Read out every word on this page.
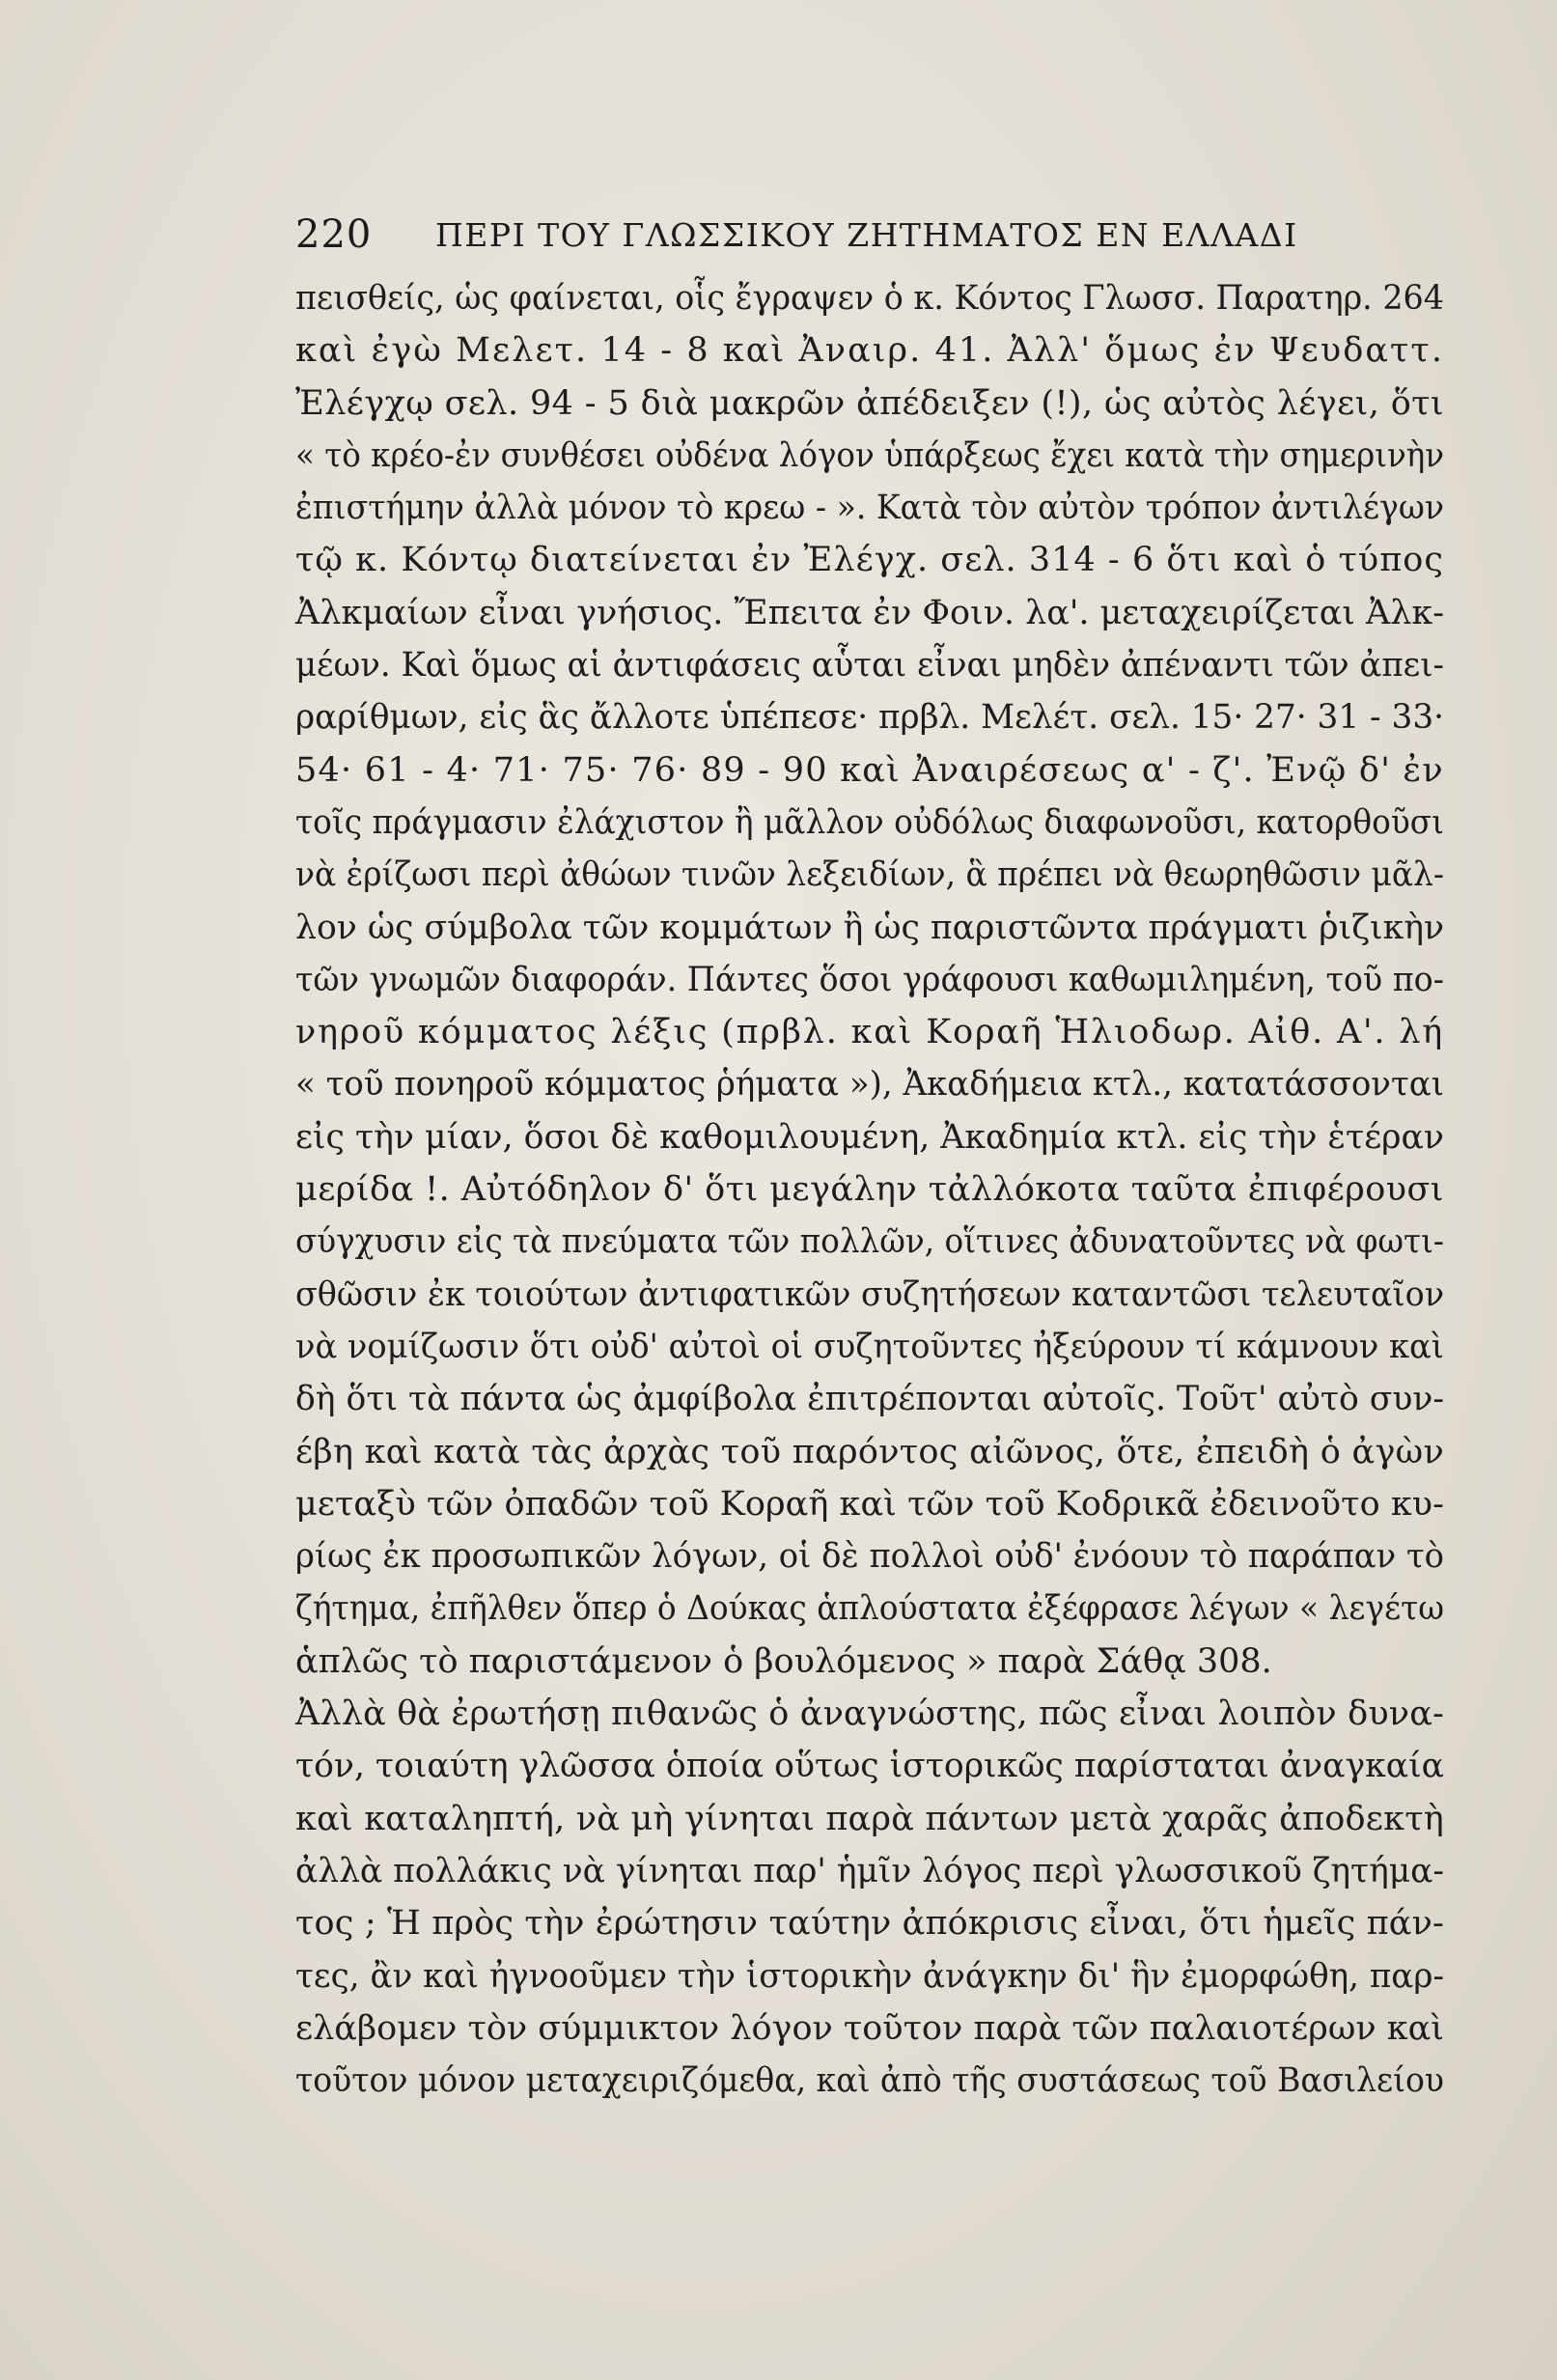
220 ΠΕΡΙ ΤΟΥ ΓΛΩΣΣΙΚΟΥ ΖΗΤΗΜΑΤΟΣ ΕΝ ΕΛΛΑΔΙ
πεισθείς, ὡς φαίνεται, οἷς ἔγραψεν ὁ κ. Κόντος Γλωσσ. Παρατηρ. 264
καὶ ἐγὼ Μελετ. 14 - 8 καὶ Ἀναιρ. 41. Ἀλλ' ὅμως ἐν Ψευδαττ.
Ἐλέγχῳ σελ. 94 - 5 διὰ μακρῶν ἀπέδειξεν (!), ὡς αὐτὸς λέγει, ὅτι
« τὸ κρέο-ἐν συνθέσει οὐδένα λόγον ὑπάρξεως ἔχει κατὰ τὴν σημερινὴν
ἐπιστήμην ἀλλὰ μόνον τὸ κρεω - ». Κατὰ τὸν αὐτὸν τρόπον ἀντιλέγων
τῷ κ. Κόντῳ διατείνεται ἐν Ἐλέγχ. σελ. 314 - 6 ὅτι καὶ ὁ τύπος
Ἀλκμαίων εἶναι γνήσιος. Ἔπειτα ἐν Φοιν. λα'. μεταχειρίζεται Ἀλκ-
μέων. Καὶ ὅμως αἱ ἀντιφάσεις αὗται εἶναι μηδὲν ἀπέναντι τῶν ἀπει-
ραρίθμων, εἰς ἃς ἄλλοτε ὑπέπεσε· πρβλ. Μελέτ. σελ. 15· 27· 31 - 33·
54· 61 - 4· 71· 75· 76· 89 - 90 καὶ Ἀναιρέσεως α' - ζ'. Ἐνῷ δ' ἐν
τοῖς πράγμασιν ἐλάχιστον ἢ μᾶλλον οὐδόλως διαφωνοῦσι, κατορθοῦσι
νὰ ἐρίζωσι περὶ ἀθώων τινῶν λεξειδίων, ἃ πρέπει νὰ θεωρηθῶσιν μᾶλ-
λον ὡς σύμβολα τῶν κομμάτων ἢ ὡς παριστῶντα πράγματι ῥιζικὴν
τῶν γνωμῶν διαφοράν. Πάντες ὅσοι γράφουσι καθωμιλημένη, τοῦ πο-
νηροῦ κόμματος λέξις (πρβλ. καὶ Κοραῆ Ἡλιοδωρ. Αἰθ. Α'. λή
« τοῦ πονηροῦ κόμματος ῥήματα »), Ἀκαδήμεια κτλ., κατατάσσονται
εἰς τὴν μίαν, ὅσοι δὲ καθομιλουμένη, Ἀκαδημία κτλ. εἰς τὴν ἑτέραν
μερίδα !. Αὐτόδηλον δ' ὅτι μεγάλην τἀλλόκοτα ταῦτα ἐπιφέρουσι
σύγχυσιν εἰς τὰ πνεύματα τῶν πολλῶν, οἵτινες ἀδυνατοῦντες νὰ φωτι-
σθῶσιν ἐκ τοιούτων ἀντιφατικῶν συζητήσεων καταντῶσι τελευταῖον
νὰ νομίζωσιν ὅτι οὐδ' αὐτοὶ οἱ συζητοῦντες ἠξεύρουν τί κάμνουν καὶ
δὴ ὅτι τὰ πάντα ὡς ἀμφίβολα ἐπιτρέπονται αὐτοῖς. Τοῦτ' αὐτὸ συν-
έβη καὶ κατὰ τὰς ἀρχὰς τοῦ παρόντος αἰῶνος, ὅτε, ἐπειδὴ ὁ ἀγὼν
μεταξὺ τῶν ὀπαδῶν τοῦ Κοραῆ καὶ τῶν τοῦ Κοδρικᾶ ἐδεινοῦτο κυ-
ρίως ἐκ προσωπικῶν λόγων, οἱ δὲ πολλοὶ οὐδ' ἐνόουν τὸ παράπαν τὸ
ζήτημα, ἐπῆλθεν ὅπερ ὁ Δούκας ἁπλούστατα ἐξέφρασε λέγων « λεγέτω
ἁπλῶς τὸ παριστάμενον ὁ βουλόμενος » παρὰ Σάθᾳ 308.
Ἀλλὰ θὰ ἐρωτήσῃ πιθανῶς ὁ ἀναγνώστης, πῶς εἶναι λοιπὸν δυνα-
τόν, τοιαύτη γλῶσσα ὁποία οὕτως ἱστορικῶς παρίσταται ἀναγκαία
καὶ καταληπτή, νὰ μὴ γίνηται παρὰ πάντων μετὰ χαρᾶς ἀποδεκτὴ
ἀλλὰ πολλάκις νὰ γίνηται παρ' ἡμῖν λόγος περὶ γλωσσικοῦ ζητήμα-
τος ; Ἡ πρὸς τὴν ἐρώτησιν ταύτην ἀπόκρισις εἶναι, ὅτι ἡμεῖς πάν-
τες, ἂν καὶ ἠγνοοῦμεν τὴν ἱστορικὴν ἀνάγκην δι' ἣν ἐμορφώθη, παρ-
ελάβομεν τὸν σύμμικτον λόγον τοῦτον παρὰ τῶν παλαιοτέρων καὶ
τοῦτον μόνον μεταχειριζόμεθα, καὶ ἀπὸ τῆς συστάσεως τοῦ Βασιλείου
